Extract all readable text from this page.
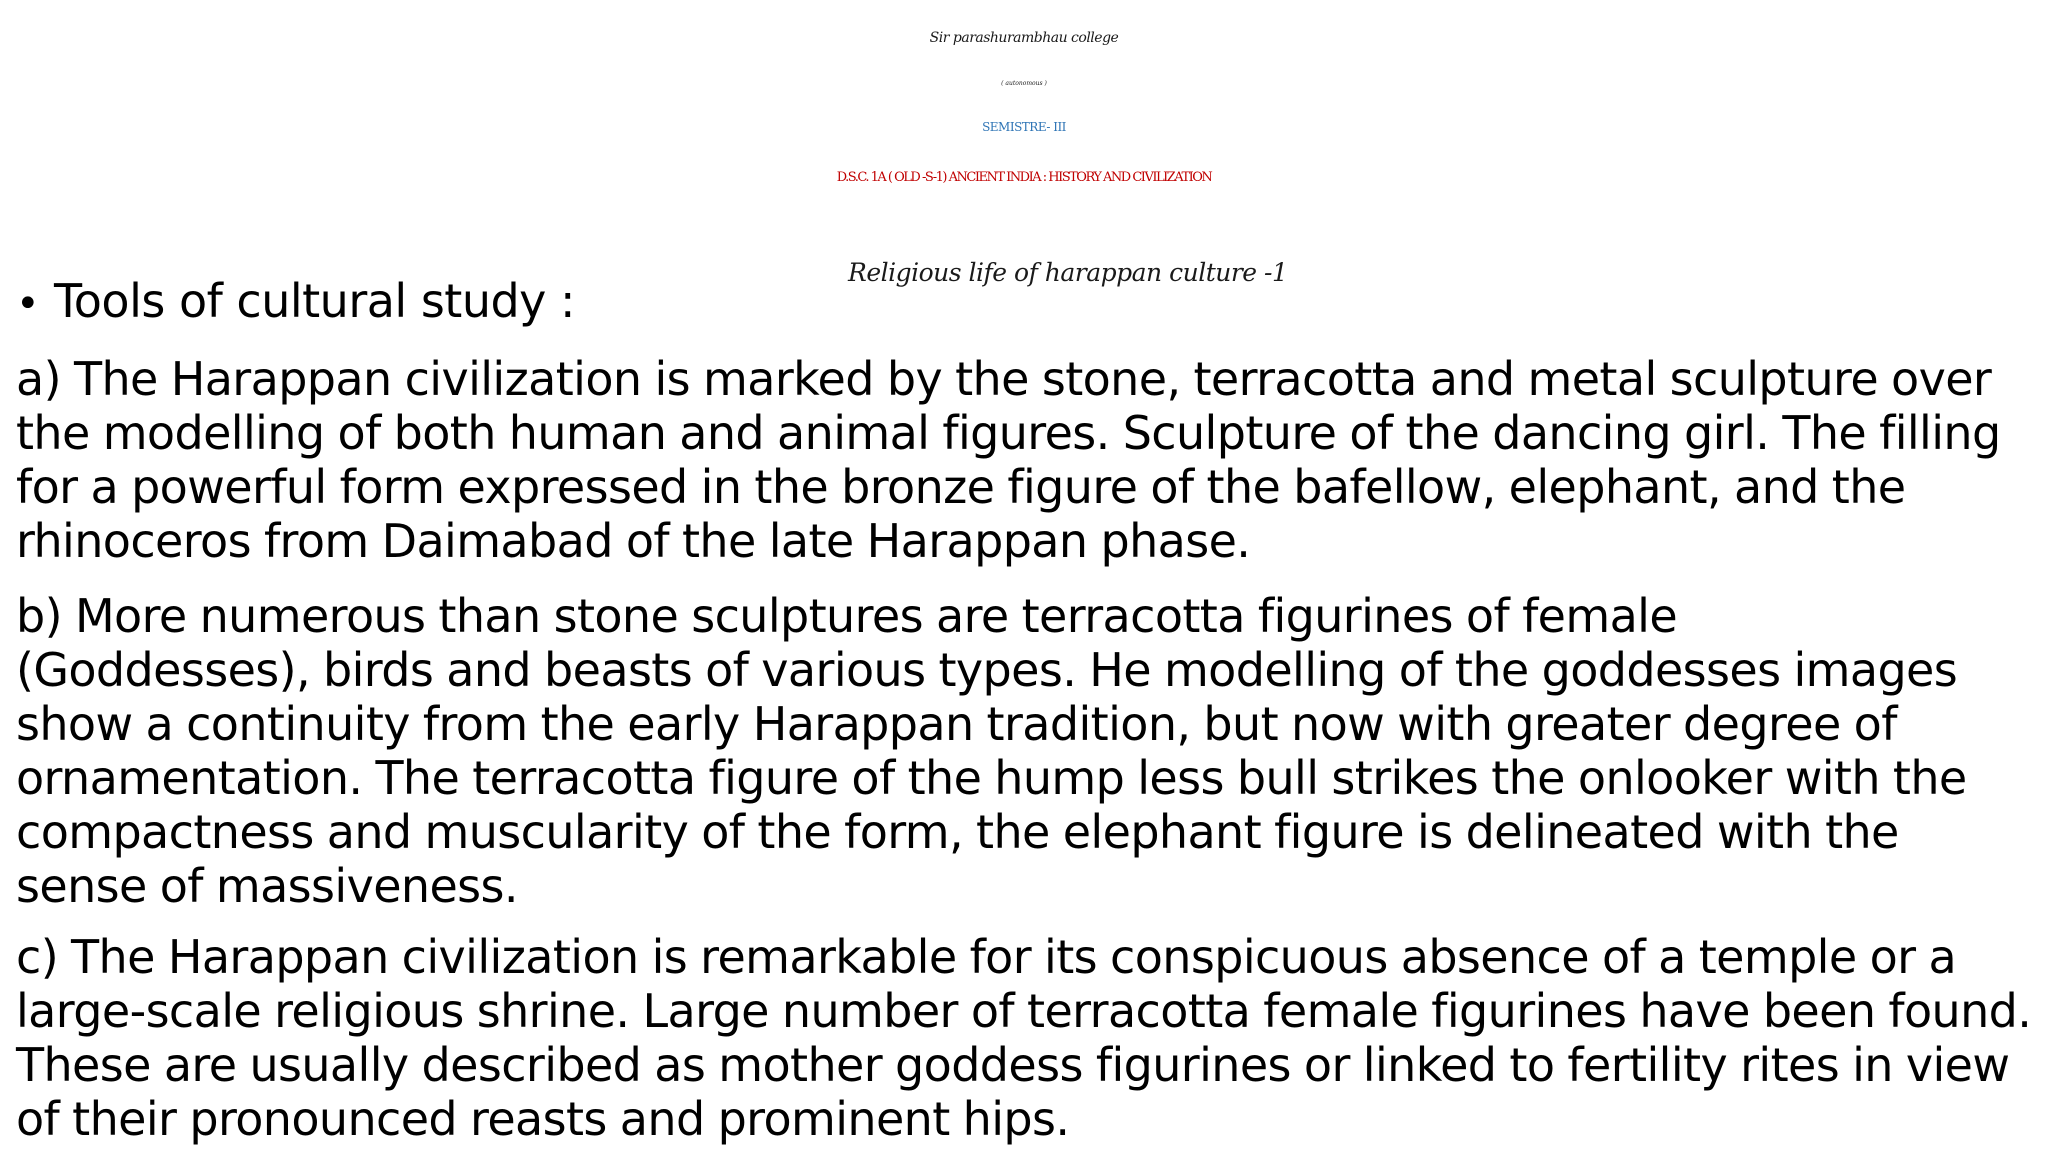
Sir parashurambhau college
( autonomous )
SEMISTRE- III
D.S.C. 1A ( OLD -S-1) ANCIENT INDIA : HISTORY AND CIVILIZATION
Religious life of harappan culture -1
• Tools of cultural study :
a) The Harappan civilization is marked by the stone, terracotta and metal sculpture over
the modelling of both human and animal figures. Sculpture of the dancing girl. The filling
for a powerful form expressed in the bronze figure of the bafellow, elephant, and the
rhinoceros from Daimabad of the late Harappan phase.
b) More numerous than stone sculptures are terracotta figurines of female
(Goddesses), birds and beasts of various types. He modelling of the goddesses images
show a continuity from the early Harappan tradition, but now with greater degree of
ornamentation. The terracotta figure of the hump less bull strikes the onlooker with the
compactness and muscularity of the form, the elephant figure is delineated with the
sense of massiveness.
c) The Harappan civilization is remarkable for its conspicuous absence of a temple or a
large-scale religious shrine. Large number of terracotta female figurines have been found.
These are usually described as mother goddess figurines or linked to fertility rites in view
of their pronounced reasts and prominent hips.
